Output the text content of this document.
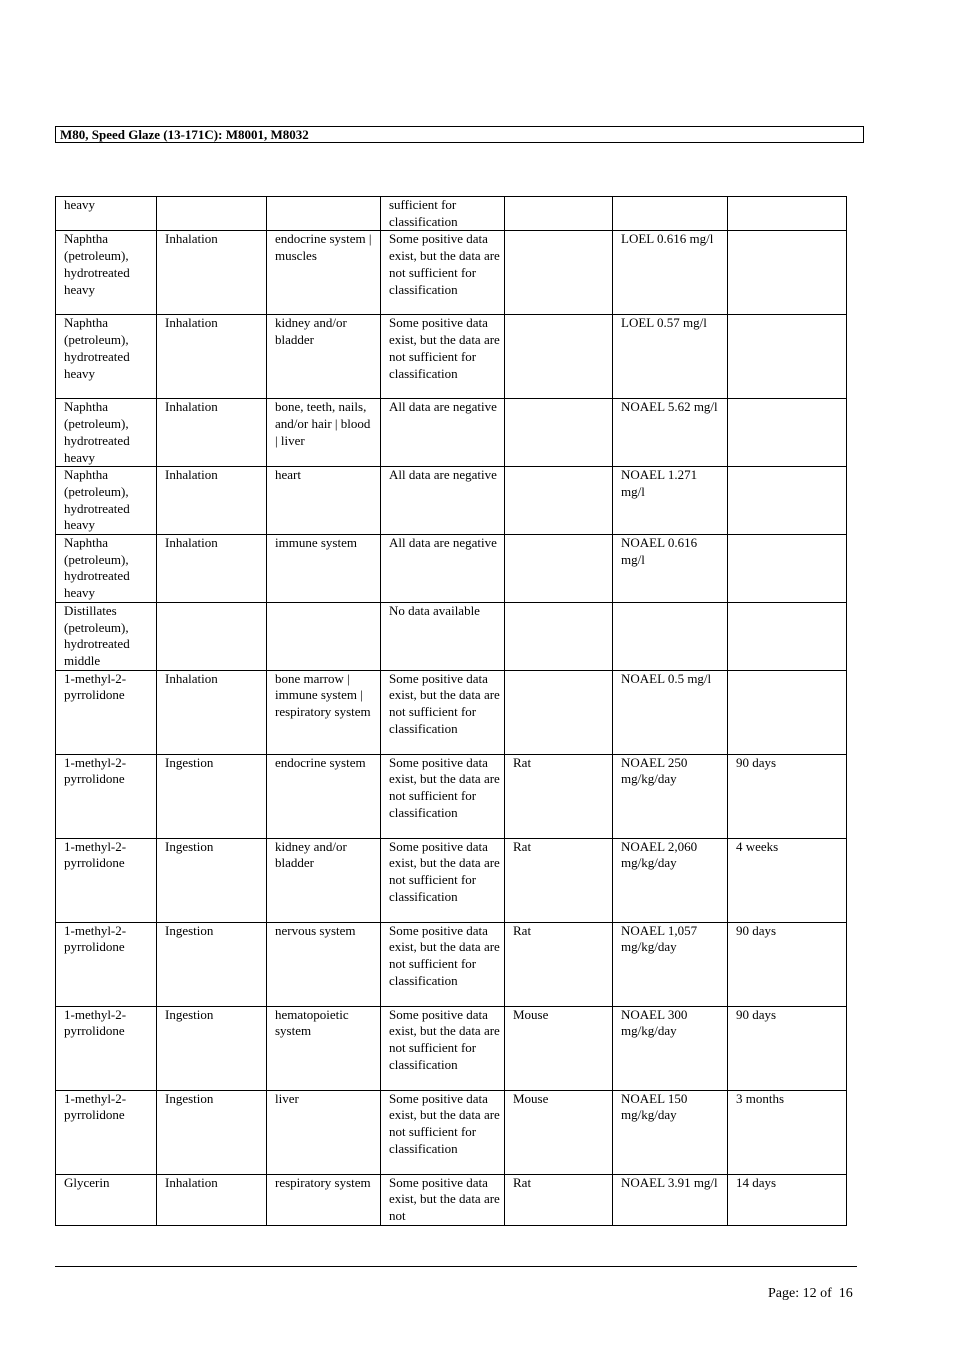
M80, Speed Glaze (13-171C): M8001, M8032
heavy			sufficient for classification			
Naphtha (petroleum), hydrotreated heavy	Inhalation	endocrine system | muscles	Some positive data exist, but the data are not sufficient for classification		LOEL 0.616 mg/l	
Naphtha (petroleum), hydrotreated heavy	Inhalation	kidney and/or bladder	Some positive data exist, but the data are not sufficient for classification		LOEL 0.57 mg/l	
Naphtha (petroleum), hydrotreated heavy	Inhalation	bone, teeth, nails, and/or hair | blood | liver	All data are negative		NOAEL 5.62 mg/l	
Naphtha (petroleum), hydrotreated heavy	Inhalation	heart	All data are negative		NOAEL 1.271 mg/l	
Naphtha (petroleum), hydrotreated heavy	Inhalation	immune system	All data are negative		NOAEL 0.616 mg/l	
Distillates (petroleum), hydrotreated middle			No data available			
1-methyl-2-pyrrolidone	Inhalation	bone marrow | immune system | respiratory system	Some positive data exist, but the data are not sufficient for classification		NOAEL 0.5 mg/l	
1-methyl-2-pyrrolidone	Ingestion	endocrine system	Some positive data exist, but the data are not sufficient for classification	Rat	NOAEL 250 mg/kg/day	90 days
1-methyl-2-pyrrolidone	Ingestion	kidney and/or bladder	Some positive data exist, but the data are not sufficient for classification	Rat	NOAEL 2,060 mg/kg/day	4 weeks
1-methyl-2-pyrrolidone	Ingestion	nervous system	Some positive data exist, but the data are not sufficient for classification	Rat	NOAEL 1,057 mg/kg/day	90 days
1-methyl-2-pyrrolidone	Ingestion	hematopoietic system	Some positive data exist, but the data are not sufficient for classification	Mouse	NOAEL 300 mg/kg/day	90 days
1-methyl-2-pyrrolidone	Ingestion	liver	Some positive data exist, but the data are not sufficient for classification	Mouse	NOAEL 150 mg/kg/day	3 months
Glycerin	Inhalation	respiratory system	Some positive data exist, but the data are not	Rat	NOAEL 3.91 mg/l	14 days
Page: 12 of  16
